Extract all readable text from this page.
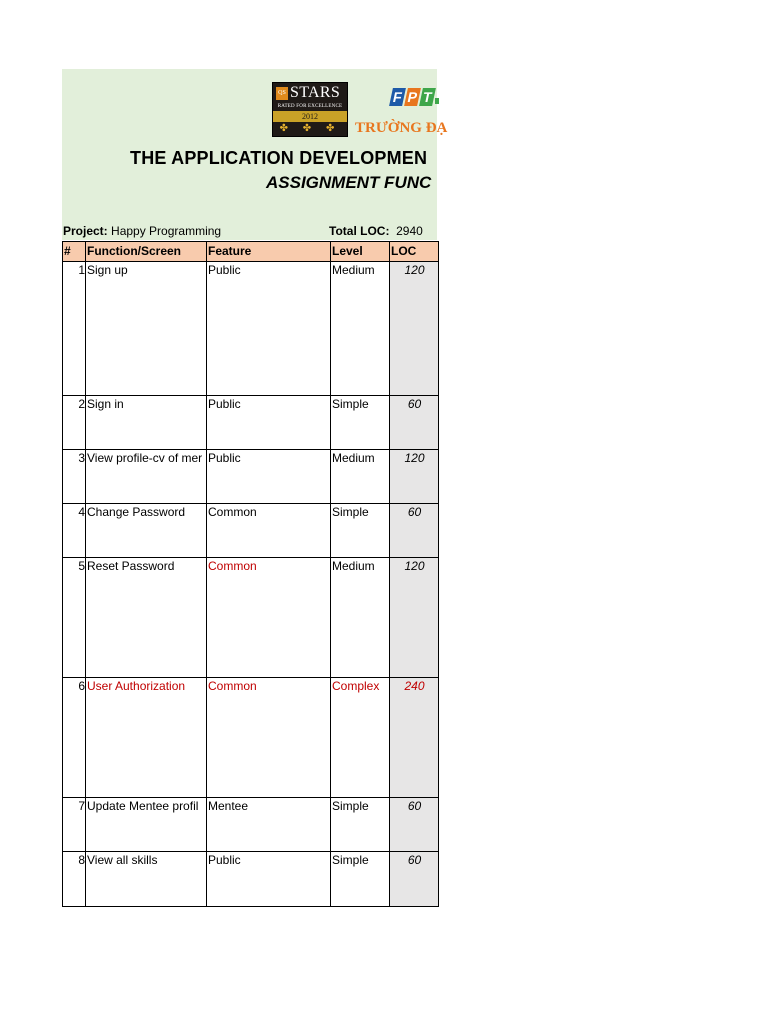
QS STARS
RATED FOR EXCELLENCE
2012
✤ ✤ ✤
F P T
TRƯỜNG ĐẠ
THE APPLICATION DEVELOPMEN
ASSIGNMENT FUNC
Project: Happy Programming	Total LOC: 2940
#	Function/Screen	Feature	Level	LOC
1	Sign up	Public	Medium	120
2	Sign in	Public	Simple	60
3	View profile-cv of mer	Public	Medium	120
4	Change Password	Common	Simple	60
5	Reset Password	Common	Medium	120
6	User Authorization	Common	Complex	240
7	Update Mentee profil	Mentee	Simple	60
8	View all skills	Public	Simple	60
